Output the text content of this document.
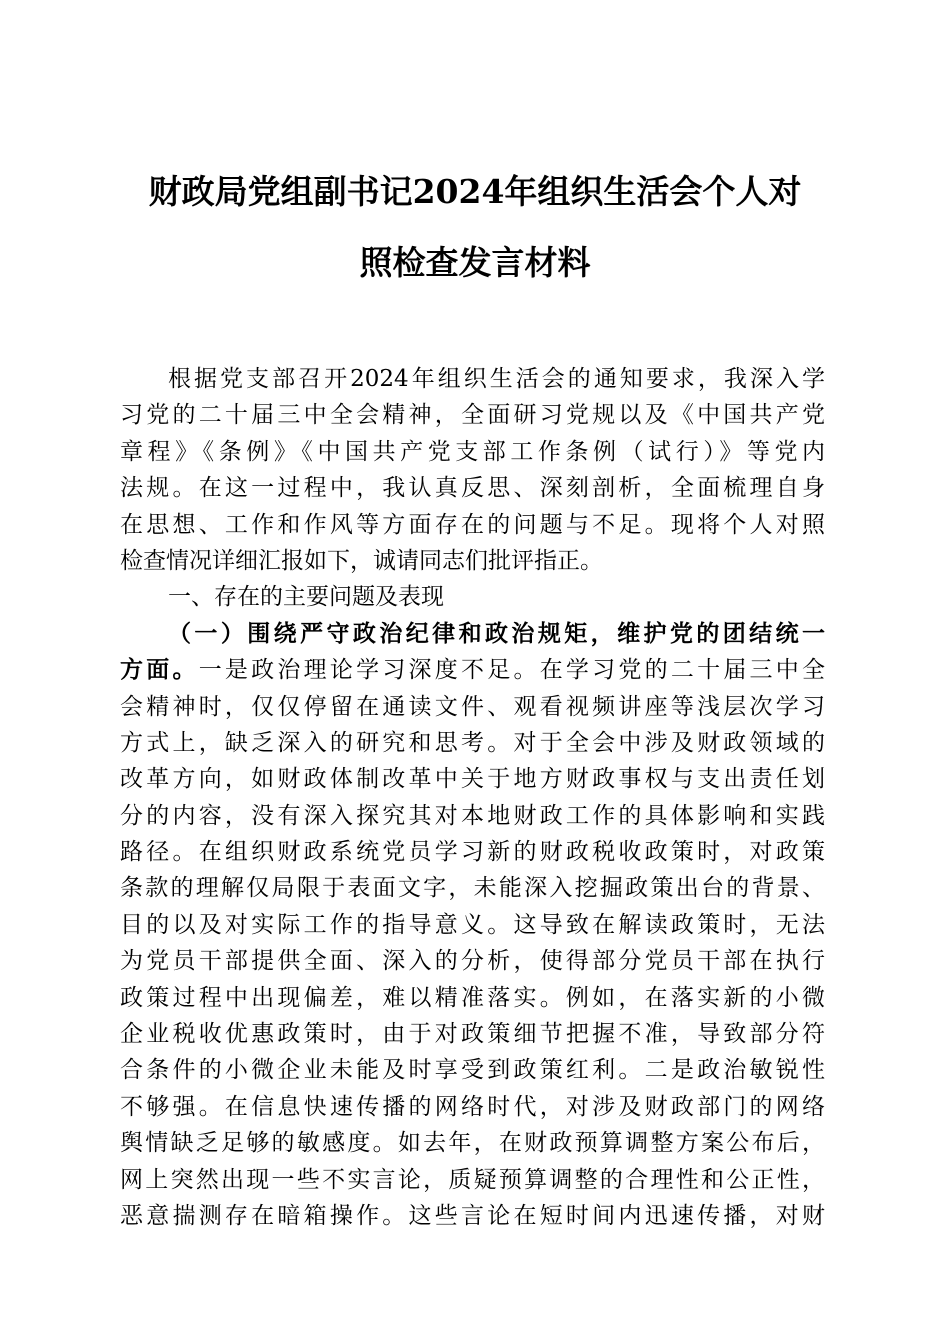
财政局党组副书记2024年组织生活会个人对
照检查发言材料
根据党支部召开2024年组织生活会的通知要求，我深入学
习党的二十届三中全会精神，全面研习党规以及《中国共产党
章程》《条例》《中国共产党支部工作条例（试行）》等党内
法规。在这一过程中，我认真反思、深刻剖析，全面梳理自身
在思想、工作和作风等方面存在的问题与不足。现将个人对照
检查情况详细汇报如下，诚请同志们批评指正。
一、存在的主要问题及表现
（一）围绕严守政治纪律和政治规矩，维护党的团结统一
方面。一是政治理论学习深度不足。在学习党的二十届三中全
会精神时，仅仅停留在通读文件、观看视频讲座等浅层次学习
方式上，缺乏深入的研究和思考。对于全会中涉及财政领域的
改革方向，如财政体制改革中关于地方财政事权与支出责任划
分的内容，没有深入探究其对本地财政工作的具体影响和实践
路径。在组织财政系统党员学习新的财政税收政策时，对政策
条款的理解仅局限于表面文字，未能深入挖掘政策出台的背景、
目的以及对实际工作的指导意义。这导致在解读政策时，无法
为党员干部提供全面、深入的分析，使得部分党员干部在执行
政策过程中出现偏差，难以精准落实。例如，在落实新的小微
企业税收优惠政策时，由于对政策细节把握不准，导致部分符
合条件的小微企业未能及时享受到政策红利。二是政治敏锐性
不够强。在信息快速传播的网络时代，对涉及财政部门的网络
舆情缺乏足够的敏感度。如去年，在财政预算调整方案公布后，
网上突然出现一些不实言论，质疑预算调整的合理性和公正性，
恶意揣测存在暗箱操作。这些言论在短时间内迅速传播，对财
